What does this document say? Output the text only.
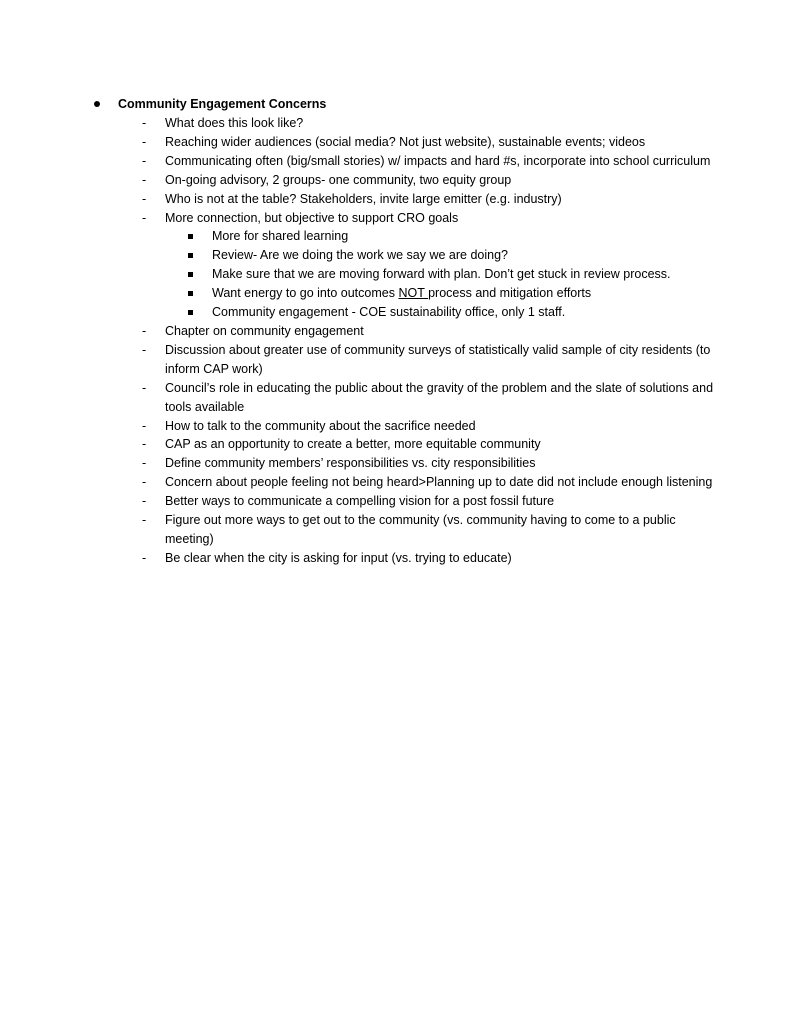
Community Engagement Concerns
- What does this look like?
- Reaching wider audiences (social media? Not just website), sustainable events; videos
- Communicating often (big/small stories) w/ impacts and hard #s, incorporate into school curriculum
- On-going advisory, 2 groups- one community, two equity group
- Who is not at the table? Stakeholders, invite large emitter (e.g. industry)
- More connection, but objective to support CRO goals
More for shared learning
Review- Are we doing the work we say we are doing?
Make sure that we are moving forward with plan. Don’t get stuck in review process.
Want energy to go into outcomes NOT process and mitigation efforts
Community engagement - COE sustainability office, only 1 staff.
- Chapter on community engagement
- Discussion about greater use of community surveys of statistically valid sample of city residents (to inform CAP work)
- Council’s role in educating the public about the gravity of the problem and the slate of solutions and tools available
- How to talk to the community about the sacrifice needed
- CAP as an opportunity to create a better, more equitable community
- Define community members’ responsibilities vs. city responsibilities
- Concern about people feeling not being heard>Planning up to date did not include enough listening
- Better ways to communicate a compelling vision for a post fossil future
- Figure out more ways to get out to the community (vs. community having to come to a public meeting)
- Be clear when the city is asking for input (vs. trying to educate)
